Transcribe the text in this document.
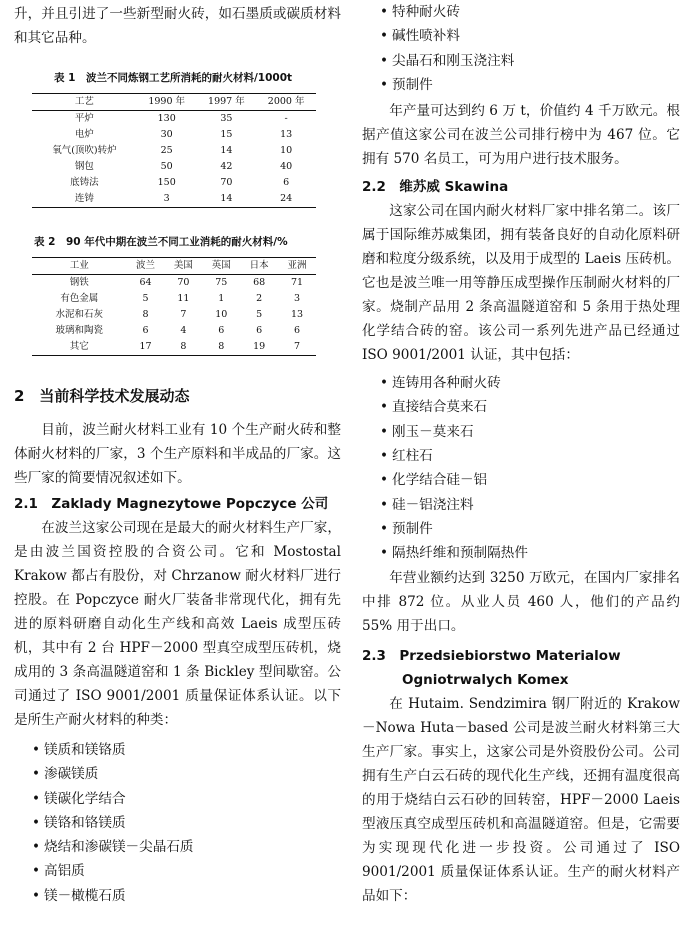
升，并且引进了一些新型耐火砖，如石墨质或碳质材料和其它品种。

表 1　波兰不同炼钢工艺所消耗的耐火材料/1000t

工艺	1990 年	1997 年	2000 年
平炉	130	35	-
电炉	30	15	13
氧气(顶吹)转炉	25	14	10
钢包	50	42	40
底铸法	150	70	6
连铸	3	14	24

表 2　90 年代中期在波兰不同工业消耗的耐火材料/%

工业	波兰	美国	英国	日本	亚洲
钢铁	64	70	75	68	71
有色金属	5	11	1	2	3
水泥和石灰	8	7	10	5	13
玻璃和陶瓷	6	4	6	6	6
其它	17	8	8	19	7

2　当前科学技术发展动态

目前，波兰耐火材料工业有 10 个生产耐火砖和整体耐火材料的厂家，3 个生产原料和半成品的厂家。这些厂家的简要情况叙述如下。

2.1　Zaklady Magnezytowe Popczyce 公司

在波兰这家公司现在是最大的耐火材料生产厂家，是由波兰国资控股的合资公司。它和 Mostostal Krakow 都占有股份，对 Chrzanow 耐火材料厂进行控股。在 Popczyce 耐火厂装备非常现代化，拥有先进的原料研磨自动化生产线和高效 Laeis 成型压砖机，其中有 2 台 HPF－2000 型真空成型压砖机，烧成用的 3 条高温隧道窑和 1 条 Bickley 型间歇窑。公司通过了 ISO 9001/2001 质量保证体系认证。以下是所生产耐火材料的种类：

• 镁质和镁铬质
• 渗碳镁质
• 镁碳化学结合
• 镁铬和铬镁质
• 烧结和渗碳镁－尖晶石质
• 高铝质
• 镁－橄榄石质
• 特种耐火砖
• 碱性喷补料
• 尖晶石和刚玉浇注料
• 预制件

年产量可达到约 6 万 t，价值约 4 千万欧元。根据产值这家公司在波兰公司排行榜中为 467 位。它拥有 570 名员工，可为用户进行技术服务。

2.2　维苏威 Skawina

这家公司在国内耐火材料厂家中排名第二。该厂属于国际维苏威集团，拥有装备良好的自动化原料研磨和粒度分级系统，以及用于成型的 Laeis 压砖机。它也是波兰唯一用等静压成型操作压制耐火材料的厂家。烧制产品用 2 条高温隧道窑和 5 条用于热处理化学结合砖的窑。该公司一系列先进产品已经通过 ISO 9001/2001 认证，其中包括：

• 连铸用各种耐火砖
• 直接结合莫来石
• 刚玉－莫来石
• 红柱石
• 化学结合硅－铝
• 硅－铝浇注料
• 预制件
• 隔热纤维和预制隔热件

年营业额约达到 3250 万欧元，在国内厂家排名中排 872 位。从业人员 460 人，他们的产品约 55% 用于出口。

2.3　Przedsiebiorstwo Materialow

Ogniotrwalych Komex

在 Hutaim. Sendzimira 钢厂附近的 Krakow－Nowa Huta－based 公司是波兰耐火材料第三大生产厂家。事实上，这家公司是外资股份公司。公司拥有生产白云石砖的现代化生产线，还拥有温度很高的用于烧结白云石砂的回转窑，HPF－2000 Laeis 型液压真空成型压砖机和高温隧道窑。但是，它需要为实现现代化进一步投资。公司通过了 ISO 9001/2001 质量保证体系认证。生产的耐火材料产品如下：
